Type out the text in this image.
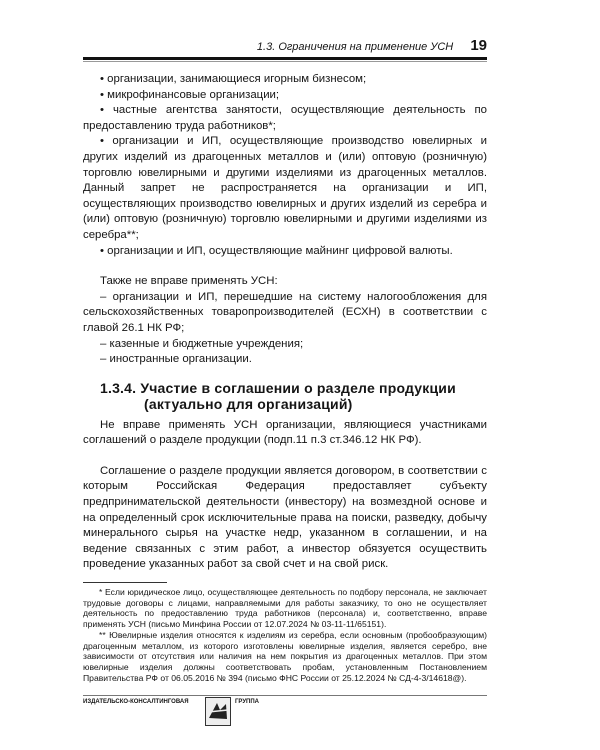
1.3. Ограничения на применение УСН 19

• организации, занимающиеся игорным бизнесом;

• микрофинансовые организации;

• частные агентства занятости, осуществляющие деятельность по предоставлению труда работников*;

• организации и ИП, осуществляющие производство ювелирных и других изделий из драгоценных металлов и (или) оптовую (розничную) торговлю ювелирными и другими изделиями из драгоценных металлов. Данный запрет не распространяется на организации и ИП, осуществляющих производство ювелирных и других изделий из серебра и (или) оптовую (розничную) торговлю ювелирными и другими изделиями из серебра**;

• организации и ИП, осуществляющие майнинг цифровой валюты.

Также не вправе применять УСН:

– организации и ИП, перешедшие на систему налогообложения для сельскохозяйственных товаропроизводителей (ЕСХН) в соответствии с главой 26.1 НК РФ;

– казенные и бюджетные учреждения;

– иностранные организации.

1.3.4. Участие в соглашении о разделе продукции
(актуально для организаций)

Не вправе применять УСН организации, являющиеся участниками соглашений о разделе продукции (подп.11 п.3 ст.346.12 НК РФ).

Соглашение о разделе продукции является договором, в соответствии с которым Российская Федерация предоставляет субъекту предпринимательской деятельности (инвестору) на возмездной основе и на определенный срок исключительные права на поиски, разведку, добычу минерального сырья на участке недр, указанном в соглашении, и на ведение связанных с этим работ, а инвестор обязуется осуществить проведение указанных работ за свой счет и на свой риск.

* Если юридическое лицо, осуществляющее деятельность по подбору персонала, не заключает трудовые договоры с лицами, направляемыми для работы заказчику, то оно не осуществляет деятельность по предоставлению труда работников (персонала) и, соответственно, вправе применять УСН (письмо Минфина России от 12.07.2024 № 03-11-11/65151).

** Ювелирные изделия относятся к изделиям из серебра, если основным (пробообразующим) драгоценным металлом, из которого изготовлены ювелирные изделия, является серебро, вне зависимости от отсутствия или наличия на нем покрытия из драгоценных металлов. При этом ювелирные изделия должны соответствовать пробам, установленным Постановлением Правительства РФ от 06.05.2016 № 394 (письмо ФНС России от 25.12.2024 № СД-4-3/14618@).

ИЗДАТЕЛЬСКО-КОНСАЛТИНГОВАЯ	ГРУППА
